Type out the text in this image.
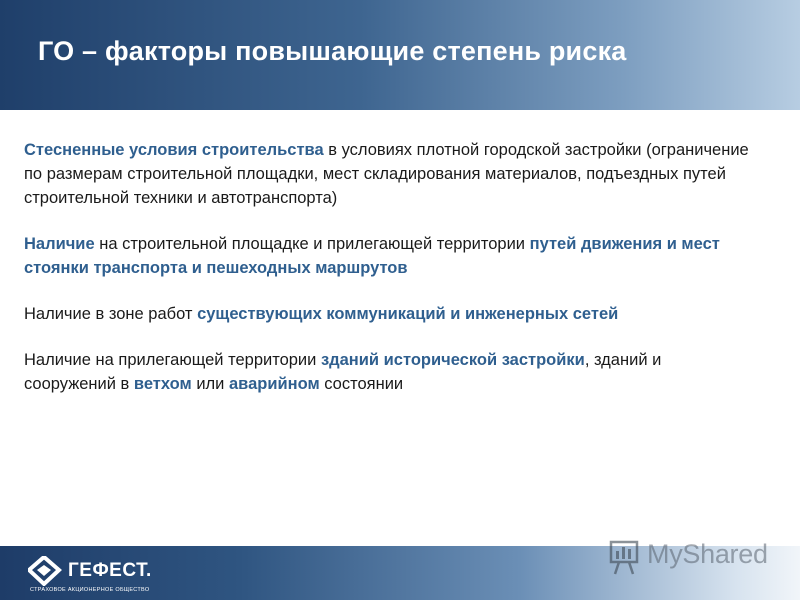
ГО – факторы повышающие степень риска

Стесненные условия строительства в условиях плотной городской застройки (ограничение по размерам строительной площадки, мест складирования материалов, подъездных путей строительной техники и автотранспорта)

Наличие на строительной площадке и прилегающей территории путей движения и мест стоянки транспорта и пешеходных маршрутов

Наличие в зоне работ существующих коммуникаций и инженерных сетей

Наличие на прилегающей территории зданий исторической застройки, зданий и сооружений в ветхом или аварийном состоянии

ГЕФЕСТ.
СТРАХОВОЕ АКЦИОНЕРНОЕ ОБЩЕСТВО
MyShared
